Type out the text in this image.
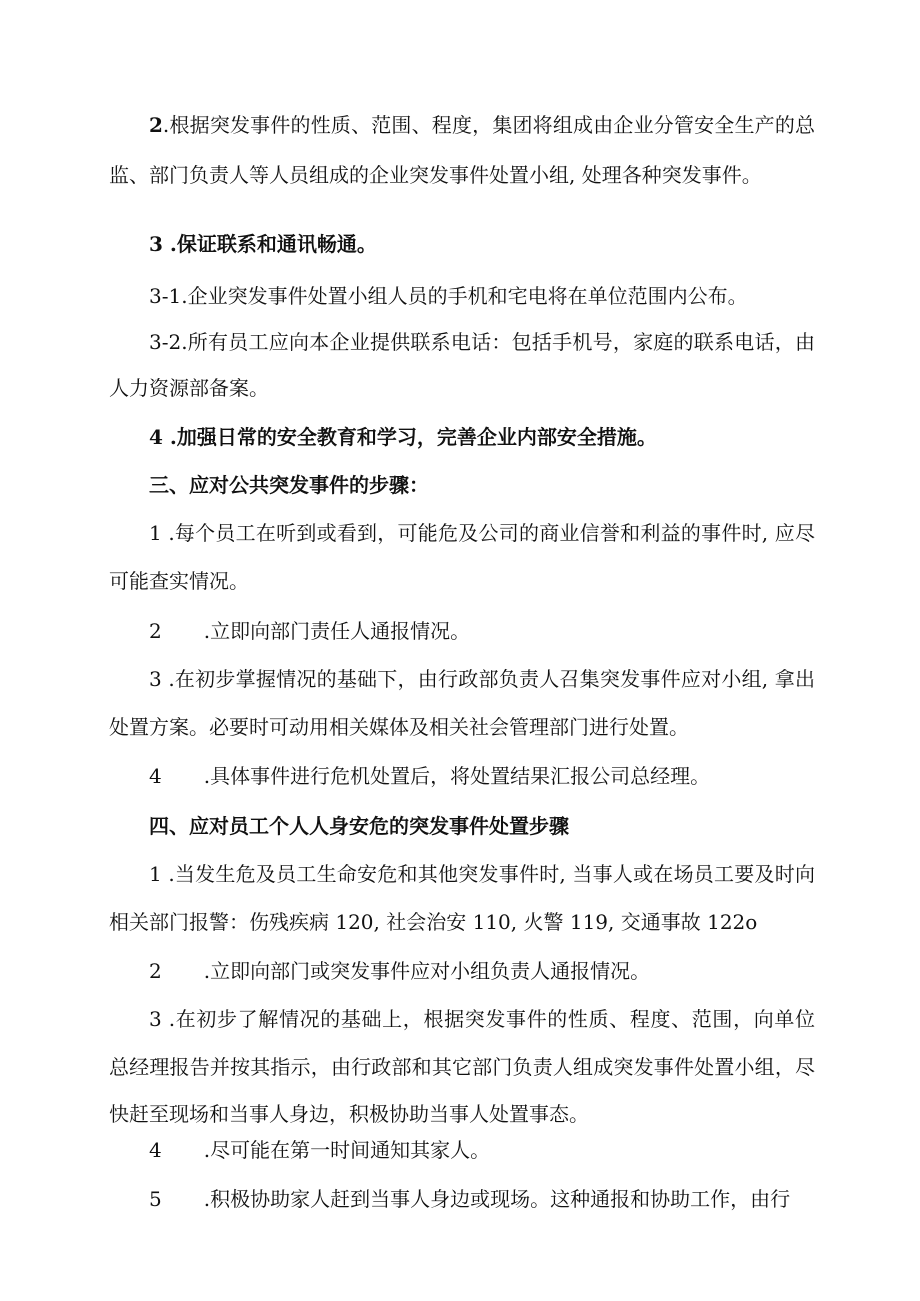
2.根据突发事件的性质、范围、程度，集团将组成由企业分管安全生产的总
监、部门负责人等人员组成的企业突发事件处置小组, 处理各种突发事件。
3 .保证联系和通讯畅通。
3-1.企业突发事件处置小组人员的手机和宅电将在单位范围内公布。
3-2.所有员工应向本企业提供联系电话：包括手机号，家庭的联系电话，由
人力资源部备案。
4 .加强日常的安全教育和学习，完善企业内部安全措施。
三、应对公共突发事件的步骤：
1 .每个员工在听到或看到，可能危及公司的商业信誉和利益的事件时, 应尽
可能查实情况。
2 .立即向部门责任人通报情况。
3 .在初步掌握情况的基础下，由行政部负责人召集突发事件应对小组, 拿出
处置方案。必要时可动用相关媒体及相关社会管理部门进行处置。
4 .具体事件进行危机处置后，将处置结果汇报公司总经理。
四、应对员工个人人身安危的突发事件处置步骤
1 .当发生危及员工生命安危和其他突发事件时, 当事人或在场员工要及时向
相关部门报警：伤残疾病 120, 社会治安 110, 火警 119, 交通事故 122o
2 .立即向部门或突发事件应对小组负责人通报情况。
3 .在初步了解情况的基础上，根据突发事件的性质、程度、范围，向单位
总经理报告并按其指示，由行政部和其它部门负责人组成突发事件处置小组，尽
快赶至现场和当事人身边，积极协助当事人处置事态。
4 .尽可能在第一时间通知其家人。
5 .积极协助家人赶到当事人身边或现场。这种通报和协助工作，由行
